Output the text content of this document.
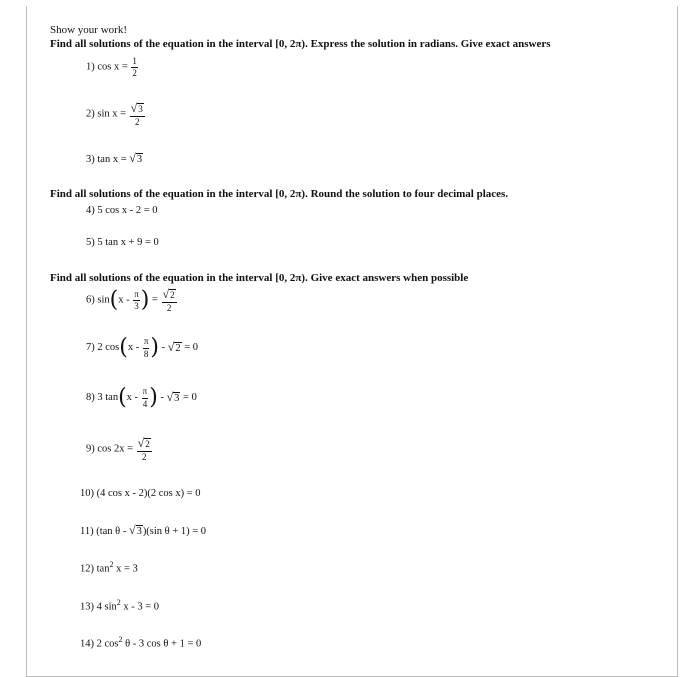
Show your work!
Find all solutions of the equation in the interval [0, 2π). Express the solution in radians. Give exact answers
1) $\cos x = \frac{1}{2}$
2) $\sin x = \frac{√3}{2}$
3) tan x = √3
Find all solutions of the equation in the interval [0, 2π). Round the solution to four decimal places.
4) 5 cos x - 2 = 0
5) 5 tan x + 9 = 0
Find all solutions of the equation in the interval [0, 2π). Give exact answers when possible
6) $\sin(x - \frac{\pi}{3}$ ) = $\frac{√2}{2}$
7) 2 $\cos(x - \frac{\pi}{8}$ ) - √2 = 0
8) 3 $\tan(x - \frac{\pi}{4}$ ) - √3 = 0
9) $\cos 2x = \frac{√2}{2}$
10) (4 cos x - 2)(2 cos x) = 0
11) (tan θ - √3)(sin θ + 1) = 0
12) $\tan^2 x = 3$
13) 4 $\sin^2 x - 3 = 0$
14) 2 $\cos^2 \theta - 3$ cos θ + 1 = 0
